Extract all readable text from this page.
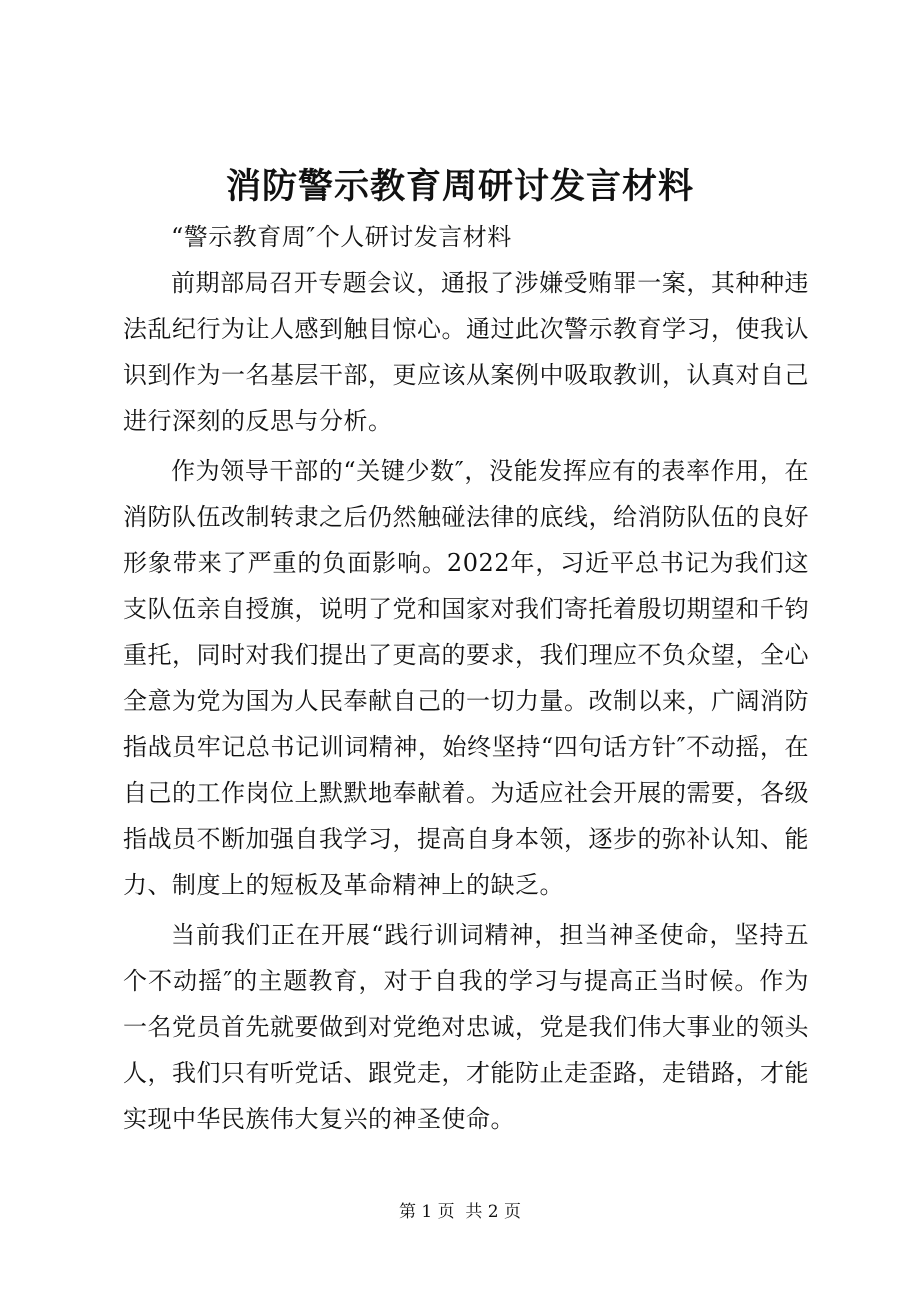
消防警示教育周研讨发言材料

“警示教育周″个人研讨发言材料

前期部局召开专题会议，通报了涉嫌受贿罪一案，其种种违法乱纪行为让人感到触目惊心。通过此次警示教育学习，使我认识到作为一名基层干部，更应该从案例中吸取教训，认真对自己进行深刻的反思与分析。

作为领导干部的“关键少数″，没能发挥应有的表率作用，在消防队伍改制转隶之后仍然触碰法律的底线，给消防队伍的良好形象带来了严重的负面影响。2022年，习近平总书记为我们这支队伍亲自授旗，说明了党和国家对我们寄托着殷切期望和千钧重托，同时对我们提出了更高的要求，我们理应不负众望，全心全意为党为国为人民奉献自己的一切力量。改制以来，广阔消防指战员牢记总书记训词精神，始终坚持“四句话方针″不动摇，在自己的工作岗位上默默地奉献着。为适应社会开展的需要，各级指战员不断加强自我学习，提高自身本领，逐步的弥补认知、能力、制度上的短板及革命精神上的缺乏。

当前我们正在开展“践行训词精神，担当神圣使命，坚持五个不动摇″的主题教育，对于自我的学习与提高正当时候。作为一名党员首先就要做到对党绝对忠诚，党是我们伟大事业的领头人，我们只有听党话、跟党走，才能防止走歪路，走错路，才能实现中华民族伟大复兴的神圣使命。

第 1 页  共 2 页
